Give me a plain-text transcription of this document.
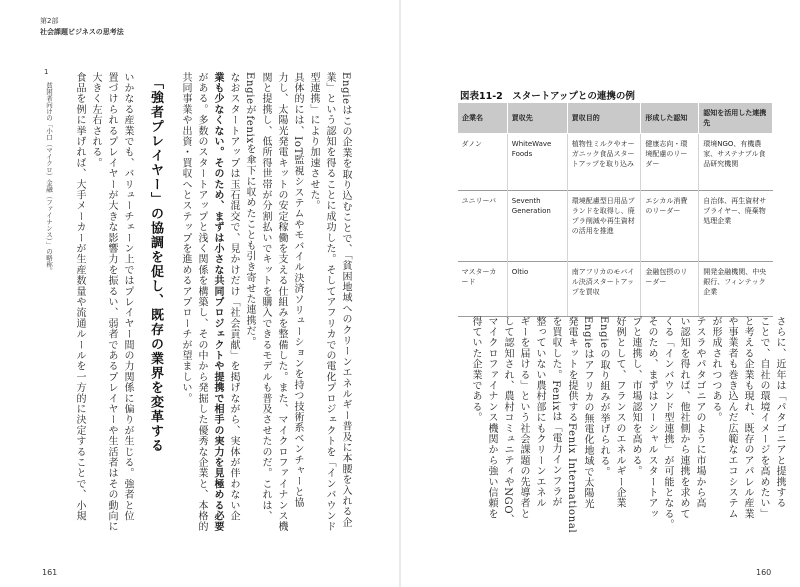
第2部
社会課題ビジネスの思考法
1
貧困者向けの「小口（マイクロ）金融（ファイナンス）」の略称。 食品を例に挙げれば、大手メーカーが生産数量や流通ルールを一方的に決定することで、小規 大きく左右される。 置づけられるプレイヤーが大きな影響力を振るい、弱者であるプレイヤーや生活者はその動向に いかなる産業でも、バリューチェーン上ではプレイヤー間の力関係に偏りが生じる。強者と位 「強者プレイヤー」の協調を促し、既存の業界を変革する 共同事業や出資・買収へとステップを進めるアプローチが望ましい。 がある。多数のスタートアップと浅く関係を構築し、その中から発掘した優秀な企業と、本格的 業も少なくない。そのため、まずは小さな共同プロジェクトや提携で相手の実力を見極める必要 なおスタートアップは玉石混交で、見かけだけ「社会貢献」を掲げながら、実体が伴わない企 Engieがfenixを傘下に収めたことも引き寄せた連携だ。 関と提携し、低所得世帯が分割払いでキットを購入できるモデルも普及させたのだ。これは、 力し、太陽光発電キットの安定稼働を支える仕組みを整備した。また、マイクロファイナンス機 具体的には、IoT監視システムやモバイル決済ソリューションを持つ技術系ベンチャーと協 型連携」により加速させた。 業」という認知を得ることに成功した。そしてアフリカでの電化プロジェクトを「インバウンド Engieはこの企業を取り込むことで、「貧困地域へのクリーンエネルギー普及に本腰を入れる企
161	160
図表11-2　スタートアップとの連携の例
企業名	買収先	買収目的	形成した認知	認知を活用した連携先
ダノン	WhiteWave Foods	植物性ミルクやオーガニック食品スタートアップを取り込み	健康志向・環境配慮のリーダー	環境NGO、有機農家、サステナブル食品研究機関
ユニリーバ	Seventh Generation	環境配慮型日用品ブランドを取得し、廃プラ削減や再生資材の活用を推進	エシカル消費のリーダー	自治体、再生資材サプライヤー、廃棄物処理企業
マスターカード	Oltio	南アフリカのモバイル決済スタートアップを買収	金融包摂のリーダー	開発金融機関、中央銀行、フィンテック企業
得ていた企業である。 マイクロファイナンス機関から強い信頼を して認知され、農村コミュニティやNGO、 ギーを届ける」という社会課題の先導者と 整っていない農村部にもクリーンエネル を買収した。Fenixは「電力インフラが 発電キットを提供するFenix International Engieはアフリカの無電化地域で太陽光 Engieの取り組みが挙げられる。 好例として、フランスのエネルギー企業 プと連携し、市場認知を高める。 そのため、まずはソーシャルスタートアッ くる「インバウンド型連携」が可能となる。 い認知を得れば、他社側から連携を求めて テスラやパタゴニアのように市場から高 が形成されつつある。 や事業者も巻き込んだ広範なエコシステム と考える企業も現れ、既存のアパレル産業 ことで、自社の環境イメージを高めたい」 さらに、近年は「パタゴニアと提携する
